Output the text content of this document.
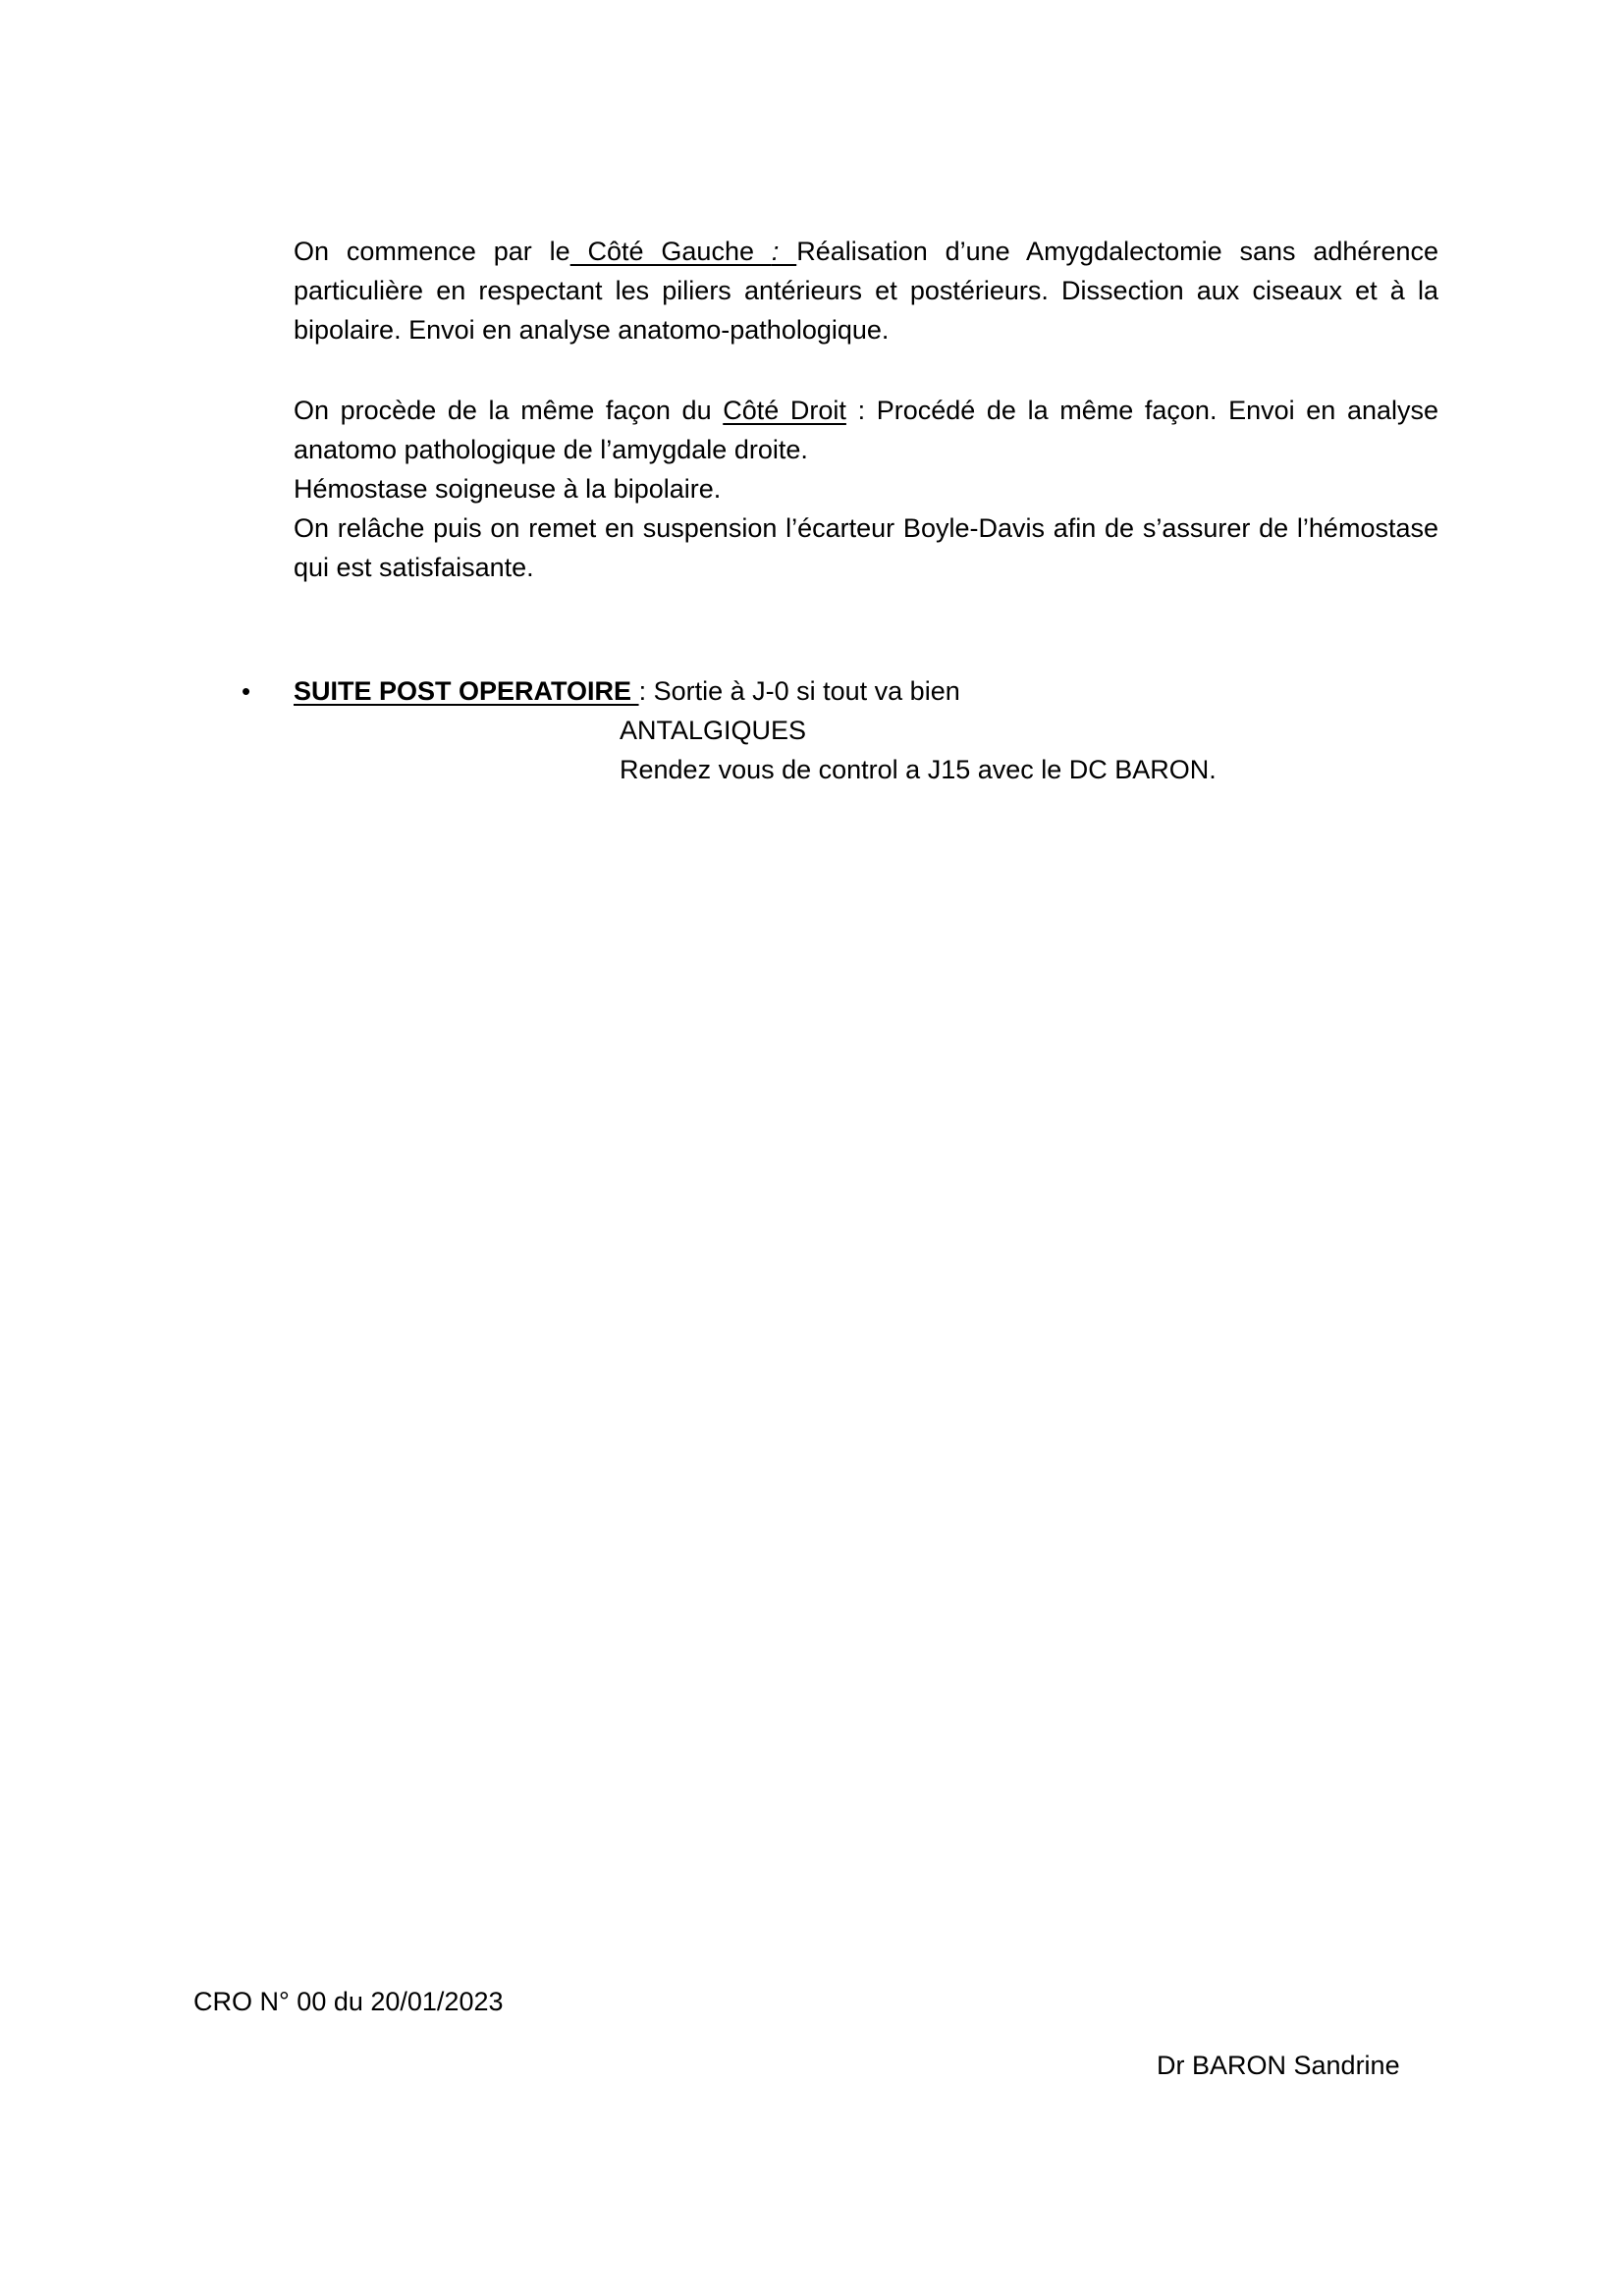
On commence par le Côté Gauche : Réalisation d’une Amygdalectomie sans adhérence
particulière en respectant les piliers antérieurs et postérieurs. Dissection aux ciseaux et à la
bipolaire. Envoi en analyse anatomo-pathologique.
On procède de la même façon du Côté Droit : Procédé de la même façon. Envoi en analyse
anatomo pathologique de l’amygdale droite.
Hémostase soigneuse à la bipolaire.
On relâche puis on remet en suspension l’écarteur Boyle-Davis afin de s’assurer de l’hémostase
qui est satisfaisante.
•	SUITE POST OPERATOIRE : Sortie à J-0 si tout va bien
ANTALGIQUES
Rendez vous de control a J15 avec le DC BARON.
CRO N° 00 du 20/01/2023
Dr BARON Sandrine
